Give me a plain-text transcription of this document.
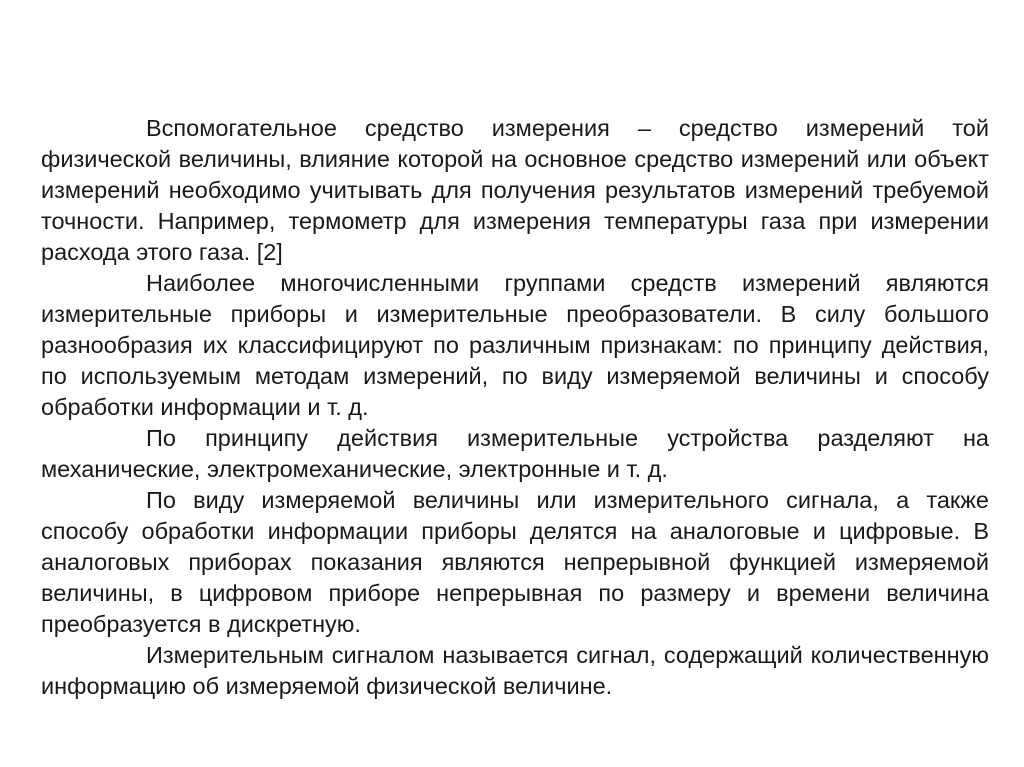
Вспомогательное средство измерения – средство измерений той физической величины, влияние которой на основное средство измерений или объект измерений необходимо учитывать для получения результатов измерений требуемой точности. Например, термометр для измерения температуры газа при измерении расхода этого газа. [2]

Наиболее многочисленными группами средств измерений являются измерительные приборы и измерительные преобразователи. В силу большого разнообразия их классифицируют по различным признакам: по принципу действия, по используемым методам измерений, по виду измеряемой величины и способу обработки информации и т. д.

По принципу действия измерительные устройства разделяют на механические, электромеханические, электронные и т. д.

По виду измеряемой величины или измерительного сигнала, а также способу обработки информации приборы делятся на аналоговые и цифровые. В аналоговых приборах показания являются непрерывной функцией измеряемой величины, в цифровом приборе непрерывная по размеру и времени величина преобразуется в дискретную.

Измерительным сигналом называется сигнал, содержащий количественную информацию об измеряемой физической величине.
